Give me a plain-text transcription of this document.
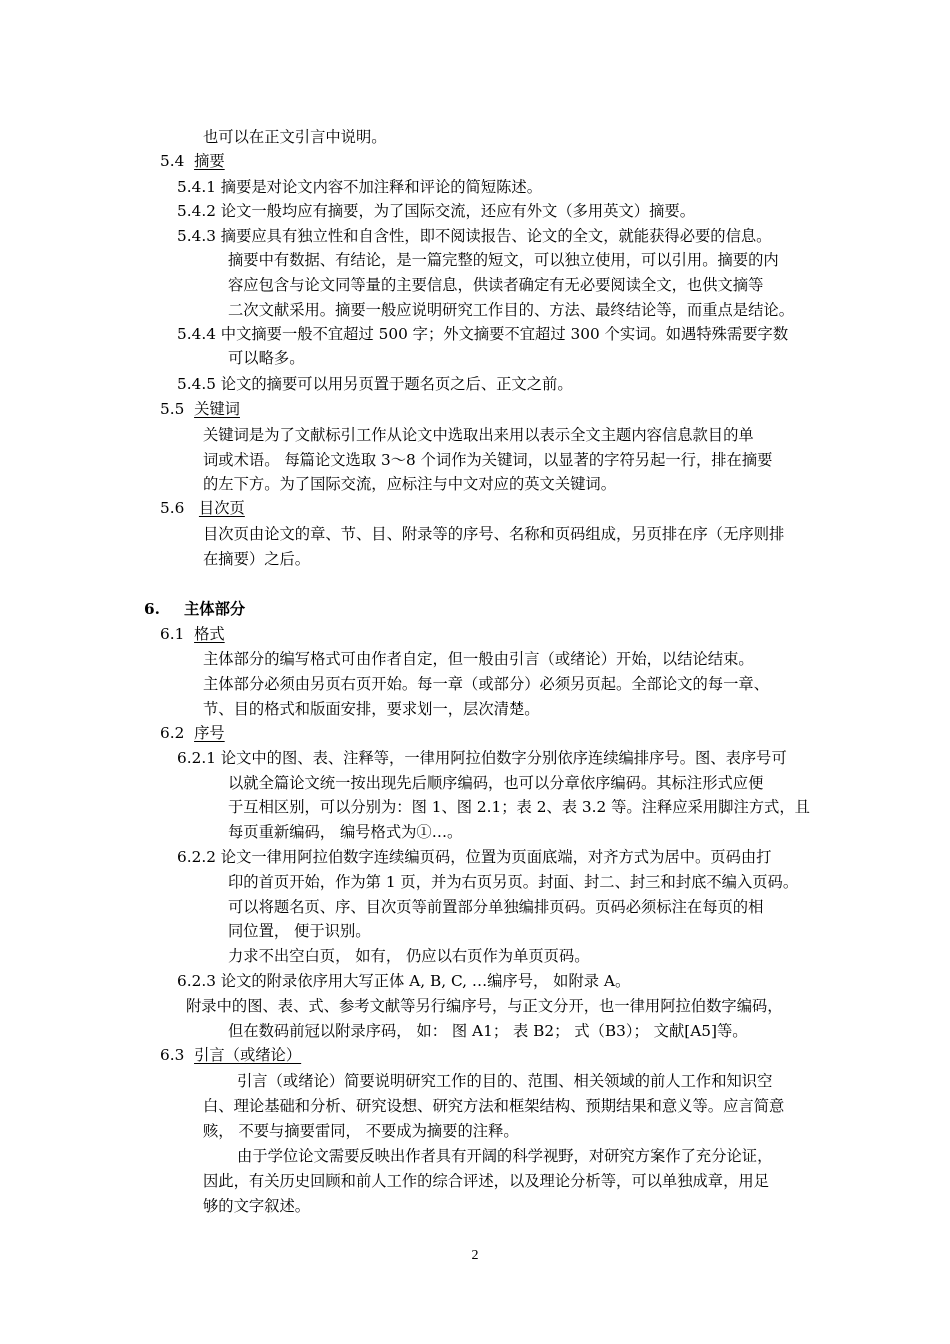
也可以在正文引言中说明。
5.4 摘要
5.4.1 摘要是对论文内容不加注释和评论的简短陈述。
5.4.2 论文一般均应有摘要，为了国际交流，还应有外文（多用英文）摘要。
5.4.3 摘要应具有独立性和自含性，即不阅读报告、论文的全文，就能获得必要的信息。
摘要中有数据、有结论，是一篇完整的短文，可以独立使用，可以引用。摘要的内
容应包含与论文同等量的主要信息，供读者确定有无必要阅读全文，也供文摘等
二次文献采用。摘要一般应说明研究工作目的、方法、最终结论等，而重点是结论。
5.4.4 中文摘要一般不宜超过 500 字；外文摘要不宜超过 300 个实词。如遇特殊需要字数
可以略多。
5.4.5 论文的摘要可以用另页置于题名页之后、正文之前。
5.5 关键词
关键词是为了文献标引工作从论文中选取出来用以表示全文主题内容信息款目的单
词或术语。 每篇论文选取 3～8 个词作为关键词，以显著的字符另起一行，排在摘要
的左下方。为了国际交流，应标注与中文对应的英文关键词。
5.6 目次页
目次页由论文的章、节、目、附录等的序号、名称和页码组成，另页排在序（无序则排
在摘要）之后。
6. 主体部分
6.1 格式
主体部分的编写格式可由作者自定，但一般由引言（或绪论）开始，以结论结束。
主体部分必须由另页右页开始。每一章（或部分）必须另页起。全部论文的每一章、
节、目的格式和版面安排，要求划一，层次清楚。
6.2 序号
6.2.1 论文中的图、表、注释等，一律用阿拉伯数字分别依序连续编排序号。图、表序号可
以就全篇论文统一按出现先后顺序编码，也可以分章依序编码。其标注形式应便
于互相区别，可以分别为：图 1、图 2.1；表 2、表 3.2 等。注释应采用脚注方式，且
每页重新编码， 编号格式为①…。
6.2.2 论文一律用阿拉伯数字连续编页码，位置为页面底端，对齐方式为居中。页码由打
印的首页开始，作为第 1 页，并为右页另页。封面、封二、封三和封底不编入页码。
可以将题名页、序、目次页等前置部分单独编排页码。页码必须标注在每页的相
同位置， 便于识别。
力求不出空白页， 如有， 仍应以右页作为单页页码。
6.2.3 论文的附录依序用大写正体 A, B, C, …编序号， 如附录 A。
附录中的图、表、式、参考文献等另行编序号，与正文分开，也一律用阿拉伯数字编码，
但在数码前冠以附录序码， 如： 图 A1； 表 B2； 式（B3）； 文献[A5]等。
6.3 引言（或绪论）
引言（或绪论）简要说明研究工作的目的、范围、相关领域的前人工作和知识空
白、理论基础和分析、研究设想、研究方法和框架结构、预期结果和意义等。应言简意
赅， 不要与摘要雷同， 不要成为摘要的注释。
由于学位论文需要反映出作者具有开阔的科学视野，对研究方案作了充分论证，
因此，有关历史回顾和前人工作的综合评述，以及理论分析等，可以单独成章，用足
够的文字叙述。
2
